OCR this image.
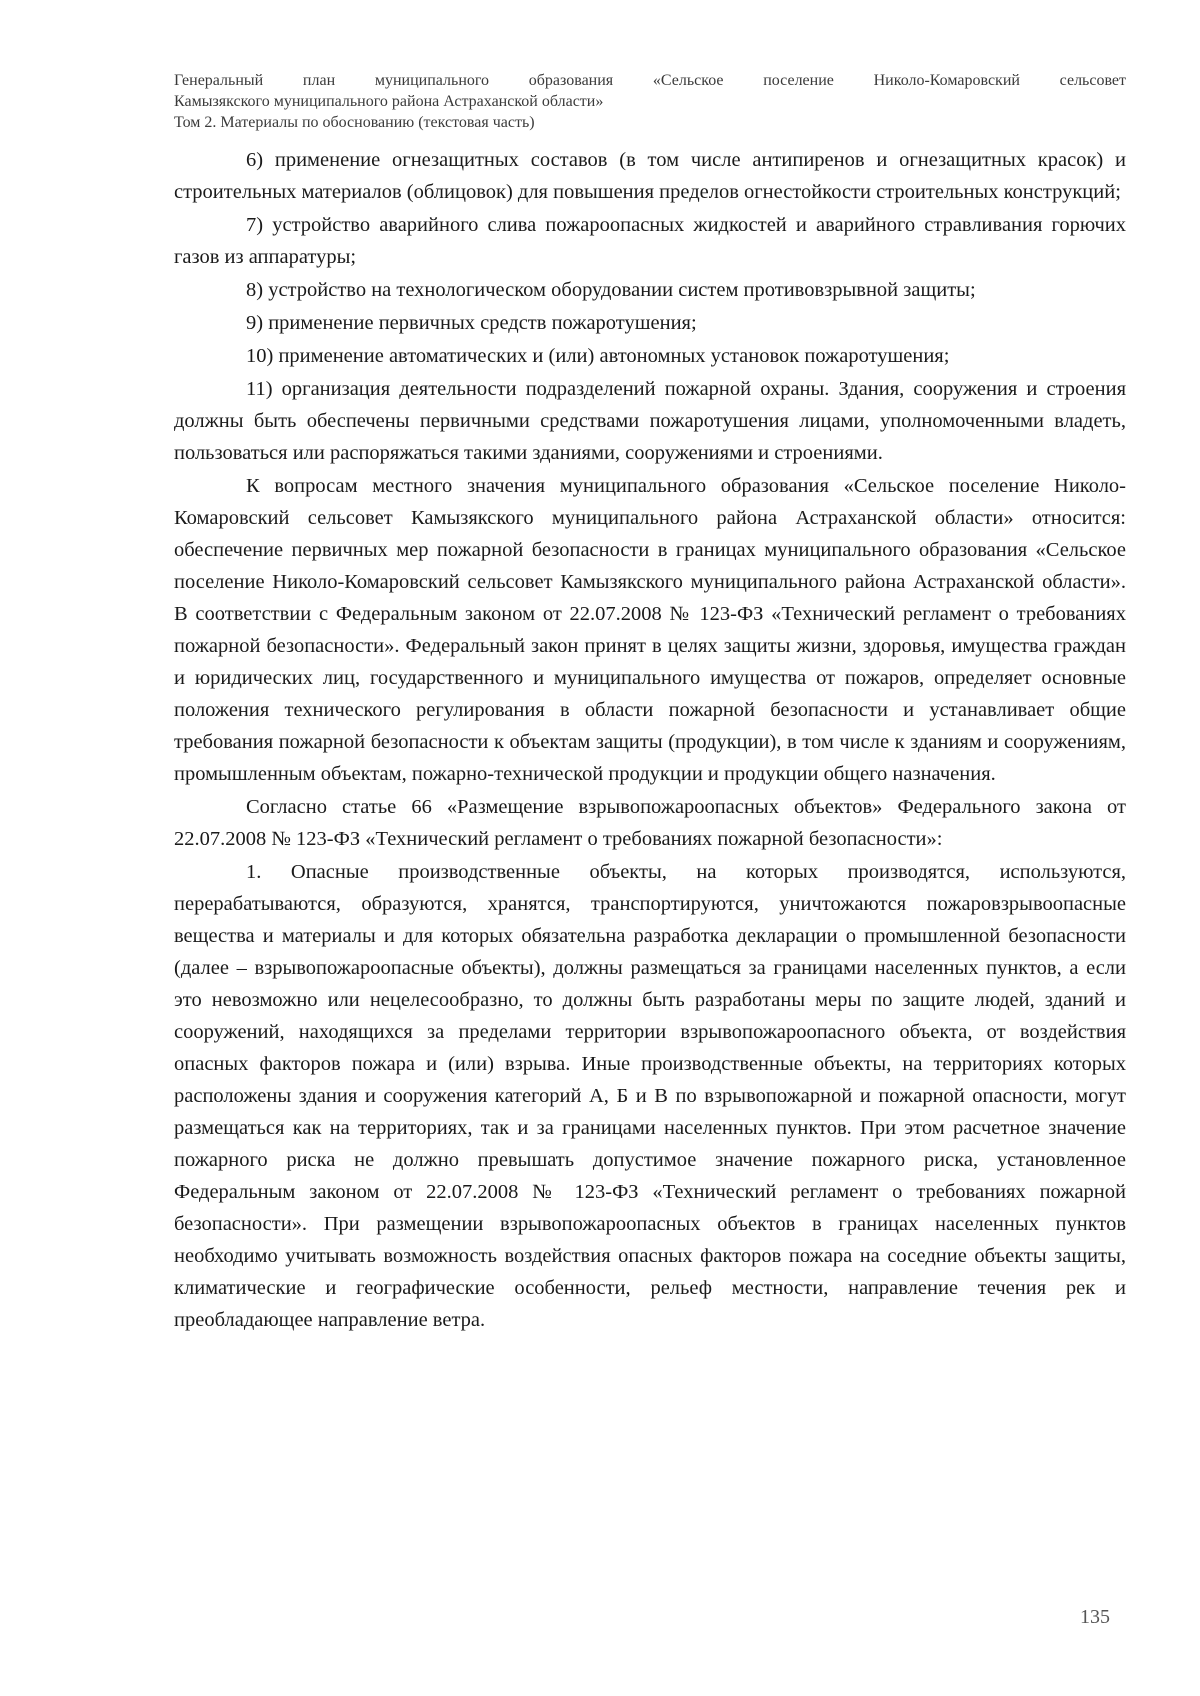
Генеральный план муниципального образования «Сельское поселение Николо-Комаровский сельсовет
Камызякского муниципального района Астраханской области»
Том 2. Материалы по обоснованию (текстовая часть)

6) применение огнезащитных составов (в том числе антипиренов и огнезащитных красок) и строительных материалов (облицовок) для повышения пределов огнестойкости строительных конструкций;

7) устройство аварийного слива пожароопасных жидкостей и аварийного стравливания горючих газов из аппаратуры;

8) устройство на технологическом оборудовании систем противовзрывной защиты;

9) применение первичных средств пожаротушения;

10) применение автоматических и (или) автономных установок пожаротушения;

11) организация деятельности подразделений пожарной охраны. Здания, сооружения и строения должны быть обеспечены первичными средствами пожаротушения лицами, уполномоченными владеть, пользоваться или распоряжаться такими зданиями, сооружениями и строениями.

К вопросам местного значения муниципального образования «Сельское поселение Николо-Комаровский сельсовет Камызякского муниципального района Астраханской области» относится: обеспечение первичных мер пожарной безопасности в границах муниципального образования «Сельское поселение Николо-Комаровский сельсовет Камызякского муниципального района Астраханской области». В соответствии с Федеральным законом от 22.07.2008 № 123-ФЗ «Технический регламент о требованиях пожарной безопасности». Федеральный закон принят в целях защиты жизни, здоровья, имущества граждан и юридических лиц, государственного и муниципального имущества от пожаров, определяет основные положения технического регулирования в области пожарной безопасности и устанавливает общие требования пожарной безопасности к объектам защиты (продукции), в том числе к зданиям и сооружениям, промышленным объектам, пожарно-технической продукции и продукции общего назначения.

Согласно статье 66 «Размещение взрывопожароопасных объектов» Федерального закона от 22.07.2008 № 123-ФЗ «Технический регламент о требованиях пожарной безопасности»:

1. Опасные производственные объекты, на которых производятся, используются, перерабатываются, образуются, хранятся, транспортируются, уничтожаются пожаровзрывоопасные вещества и материалы и для которых обязательна разработка декларации о промышленной безопасности (далее – взрывопожароопасные объекты), должны размещаться за границами населенных пунктов, а если это невозможно или нецелесообразно, то должны быть разработаны меры по защите людей, зданий и сооружений, находящихся за пределами территории взрывопожароопасного объекта, от воздействия опасных факторов пожара и (или) взрыва. Иные производственные объекты, на территориях которых расположены здания и сооружения категорий А, Б и В по взрывопожарной и пожарной опасности, могут размещаться как на территориях, так и за границами населенных пунктов. При этом расчетное значение пожарного риска не должно превышать допустимое значение пожарного риска, установленное Федеральным законом от 22.07.2008 № 123-ФЗ «Технический регламент о требованиях пожарной безопасности». При размещении взрывопожароопасных объектов в границах населенных пунктов необходимо учитывать возможность воздействия опасных факторов пожара на соседние объекты защиты, климатические и географические особенности, рельеф местности, направление течения рек и преобладающее направление ветра.

135
